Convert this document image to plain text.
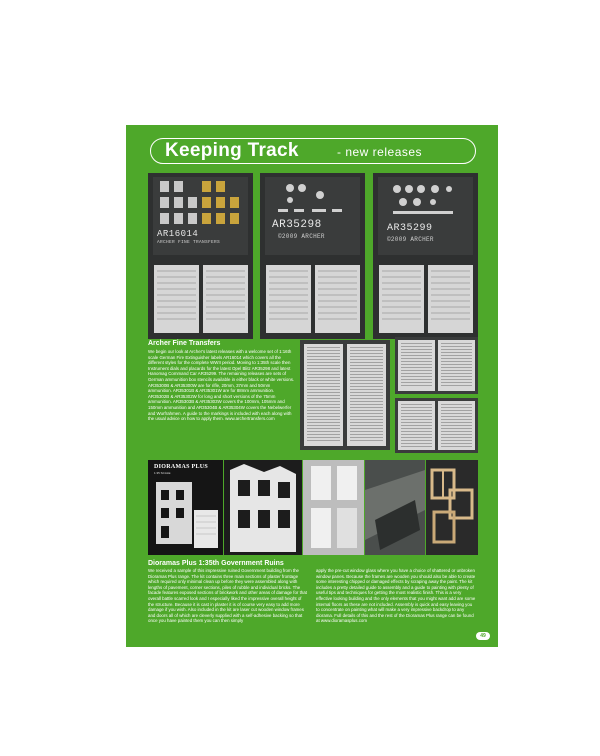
Keeping Track	- new releases
AR16014
ARCHER FINE TRANSFERS
AR35298
©2009 ARCHER
AR35299
©2009 ARCHER
Archer Fine Transfers
We begin our look at Archer's latest releases with a welcome set of 1:16th scale German Fire Extinguisher labels AR16014 which covers all the different styles for the complete WWII period. Moving to 1:35th scale then Instrument dials and placards for the latest Opel Blitz AR35298 and latest Hanomag Command Car AR35299. The remaining releases are sets of German ammunition box stencils available in either black or white versions. AR35300B & AR35300W are for rifle, 20mm, 37mm and 50mm ammunition. AR35301B & AR35301W are for 88mm ammunition. AR35302B & AR35302W for long and short versions of the 75mm ammunition. AR35303B & AR35303W covers the 100mm, 105mm and 150mm ammunition and AR35304B & AR35304W covers the Nebelwerfer and Wurfrahmen. A guide to the markings is included with each along with the usual advice on how to apply them. www.archertransfers.com
DIORAMAS PLUS
1:35 SCALE
Dioramas Plus 1:35th Government Ruins
We received a sample of this impressive ruined Government building from the Dioramas Plus range. The kit contains three main sections of plaster frontage which required only minimal clean up before they were assembled along with lengths of pavement, corner sections, piles of rubble and individual bricks. The facade features exposed sections of brickwork and other areas of damage for that overall battle scarred look and I especially liked the impressive overall height of the structure. Because it is cast in plaster it is of course very easy to add more damage if you wish. Also included in the kit are laser cut wooden window frames and doors all of which are cleverly supplied with a self-adhesive backing so that once you have painted them you can then simply
apply the pre-cut window glass where you have a choice of shattered or unbroken window panes. Because the frames are wooden you should also be able to create some interesting chipped or damaged effects by scraping away the paint. The kit includes a pretty detailed guide to assembly and a guide to painting with plenty of useful tips and techniques for getting the most realistic finish. This is a very effective looking building and the only elements that you might want add are some internal floors as these are not included. Assembly is quick and easy leaving you to concentrate on painting what will make a very impressive backdrop to any diorama. Full details of this and the rest of the Dioramas Plus range can be found at www.dioramasplus.com
49
